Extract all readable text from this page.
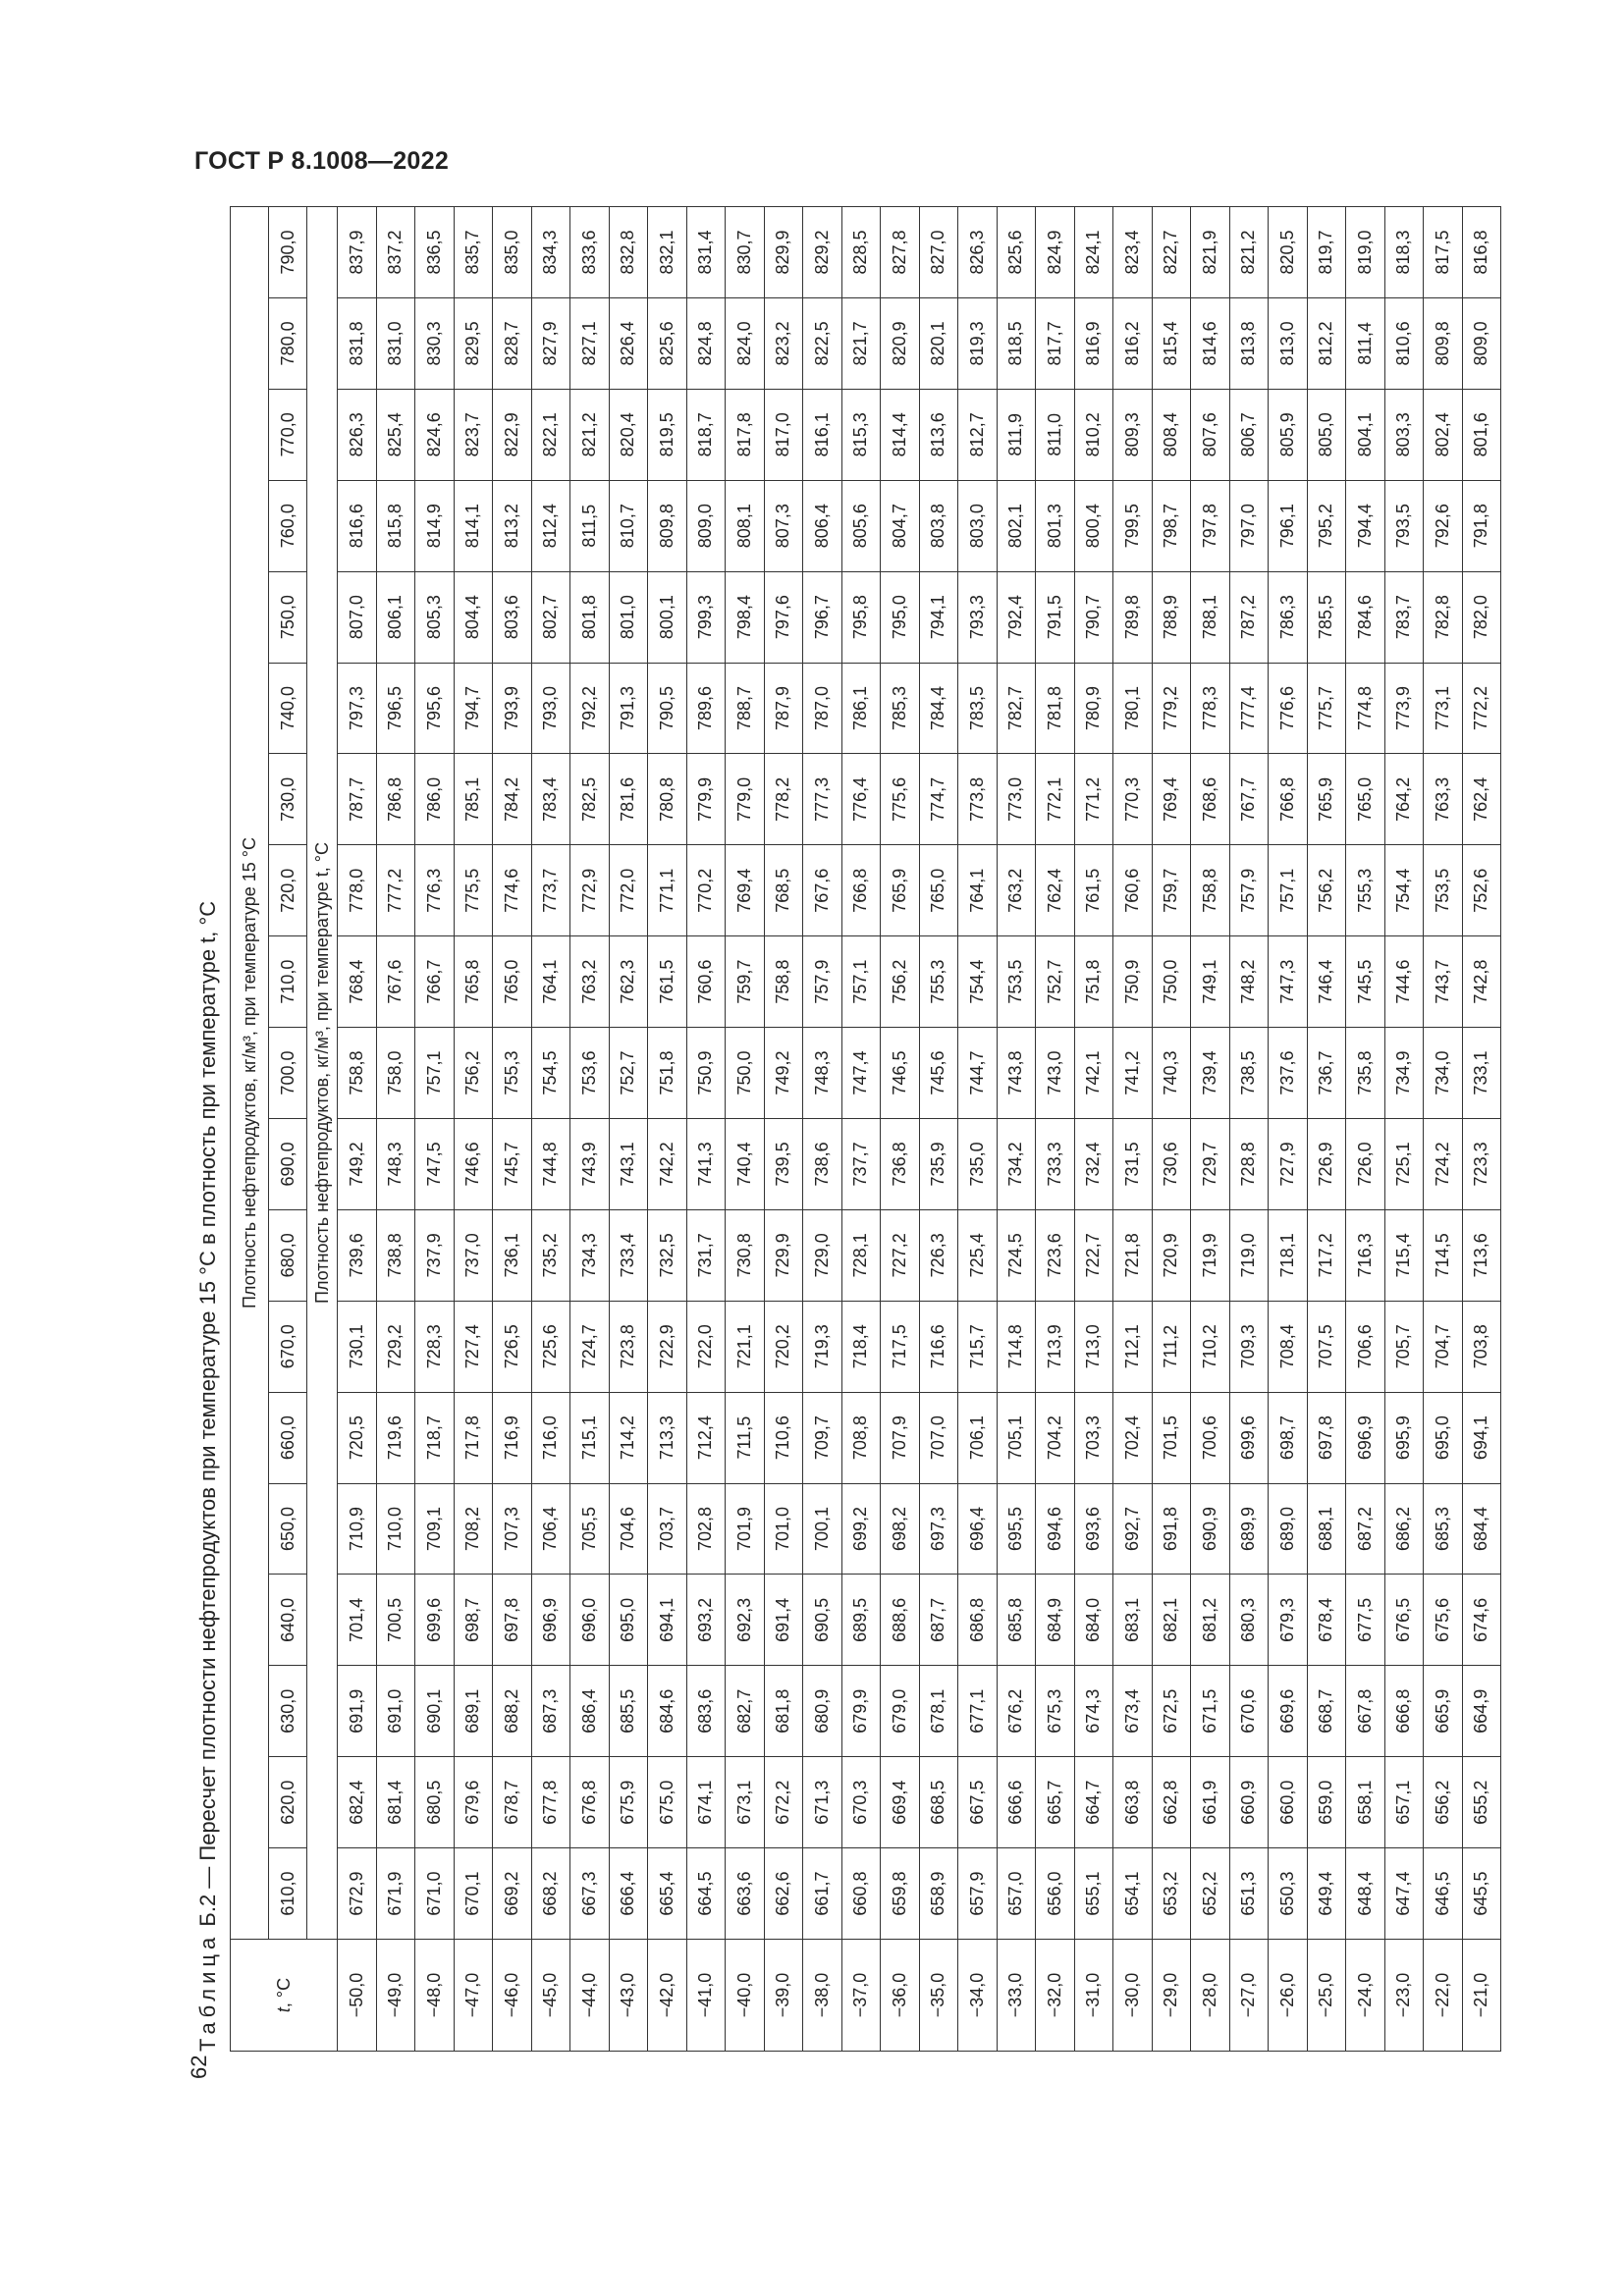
ГОСТ Р 8.1008—2022
62
Таблица Б.2 — Пересчет плотности нефтепродуктов при температуре 15 °С в плотность при температуре t, °С
t, °С	Плотность нефтепродуктов, кг/м³, при температуре 15 °С																		
	610,0	620,0	630,0	640,0	650,0	660,0	670,0	680,0	690,0	700,0	710,0	720,0	730,0	740,0	750,0	760,0	770,0	780,0	790,0
	Плотность нефтепродуктов, кг/м³, при температуре t, °С																		
−50,0	672,9	682,4	691,9	701,4	710,9	720,5	730,1	739,6	749,2	758,8	768,4	778,0	787,7	797,3	807,0	816,6	826,3	831,8	837,9
−49,0	671,9	681,4	691,0	700,5	710,0	719,6	729,2	738,8	748,3	758,0	767,6	777,2	786,8	796,5	806,1	815,8	825,4	831,0	837,2
−48,0	671,0	680,5	690,1	699,6	709,1	718,7	728,3	737,9	747,5	757,1	766,7	776,3	786,0	795,6	805,3	814,9	824,6	830,3	836,5
−47,0	670,1	679,6	689,1	698,7	708,2	717,8	727,4	737,0	746,6	756,2	765,8	775,5	785,1	794,7	804,4	814,1	823,7	829,5	835,7
−46,0	669,2	678,7	688,2	697,8	707,3	716,9	726,5	736,1	745,7	755,3	765,0	774,6	784,2	793,9	803,6	813,2	822,9	828,7	835,0
−45,0	668,2	677,8	687,3	696,9	706,4	716,0	725,6	735,2	744,8	754,5	764,1	773,7	783,4	793,0	802,7	812,4	822,1	827,9	834,3
−44,0	667,3	676,8	686,4	696,0	705,5	715,1	724,7	734,3	743,9	753,6	763,2	772,9	782,5	792,2	801,8	811,5	821,2	827,1	833,6
−43,0	666,4	675,9	685,5	695,0	704,6	714,2	723,8	733,4	743,1	752,7	762,3	772,0	781,6	791,3	801,0	810,7	820,4	826,4	832,8
−42,0	665,4	675,0	684,6	694,1	703,7	713,3	722,9	732,5	742,2	751,8	761,5	771,1	780,8	790,5	800,1	809,8	819,5	825,6	832,1
−41,0	664,5	674,1	683,6	693,2	702,8	712,4	722,0	731,7	741,3	750,9	760,6	770,2	779,9	789,6	799,3	809,0	818,7	824,8	831,4
−40,0	663,6	673,1	682,7	692,3	701,9	711,5	721,1	730,8	740,4	750,0	759,7	769,4	779,0	788,7	798,4	808,1	817,8	824,0	830,7
−39,0	662,6	672,2	681,8	691,4	701,0	710,6	720,2	729,9	739,5	749,2	758,8	768,5	778,2	787,9	797,6	807,3	817,0	823,2	829,9
−38,0	661,7	671,3	680,9	690,5	700,1	709,7	719,3	729,0	738,6	748,3	757,9	767,6	777,3	787,0	796,7	806,4	816,1	822,5	829,2
−37,0	660,8	670,3	679,9	689,5	699,2	708,8	718,4	728,1	737,7	747,4	757,1	766,8	776,4	786,1	795,8	805,6	815,3	821,7	828,5
−36,0	659,8	669,4	679,0	688,6	698,2	707,9	717,5	727,2	736,8	746,5	756,2	765,9	775,6	785,3	795,0	804,7	814,4	820,9	827,8
−35,0	658,9	668,5	678,1	687,7	697,3	707,0	716,6	726,3	735,9	745,6	755,3	765,0	774,7	784,4	794,1	803,8	813,6	820,1	827,0
−34,0	657,9	667,5	677,1	686,8	696,4	706,1	715,7	725,4	735,0	744,7	754,4	764,1	773,8	783,5	793,3	803,0	812,7	819,3	826,3
−33,0	657,0	666,6	676,2	685,8	695,5	705,1	714,8	724,5	734,2	743,8	753,5	763,2	773,0	782,7	792,4	802,1	811,9	818,5	825,6
−32,0	656,0	665,7	675,3	684,9	694,6	704,2	713,9	723,6	733,3	743,0	752,7	762,4	772,1	781,8	791,5	801,3	811,0	817,7	824,9
−31,0	655,1	664,7	674,3	684,0	693,6	703,3	713,0	722,7	732,4	742,1	751,8	761,5	771,2	780,9	790,7	800,4	810,2	816,9	824,1
−30,0	654,1	663,8	673,4	683,1	692,7	702,4	712,1	721,8	731,5	741,2	750,9	760,6	770,3	780,1	789,8	799,5	809,3	816,2	823,4
−29,0	653,2	662,8	672,5	682,1	691,8	701,5	711,2	720,9	730,6	740,3	750,0	759,7	769,4	779,2	788,9	798,7	808,4	815,4	822,7
−28,0	652,2	661,9	671,5	681,2	690,9	700,6	710,2	719,9	729,7	739,4	749,1	758,8	768,6	778,3	788,1	797,8	807,6	814,6	821,9
−27,0	651,3	660,9	670,6	680,3	689,9	699,6	709,3	719,0	728,8	738,5	748,2	757,9	767,7	777,4	787,2	797,0	806,7	813,8	821,2
−26,0	650,3	660,0	669,6	679,3	689,0	698,7	708,4	718,1	727,9	737,6	747,3	757,1	766,8	776,6	786,3	796,1	805,9	813,0	820,5
−25,0	649,4	659,0	668,7	678,4	688,1	697,8	707,5	717,2	726,9	736,7	746,4	756,2	765,9	775,7	785,5	795,2	805,0	812,2	819,7
−24,0	648,4	658,1	667,8	677,5	687,2	696,9	706,6	716,3	726,0	735,8	745,5	755,3	765,0	774,8	784,6	794,4	804,1	811,4	819,0
−23,0	647,4	657,1	666,8	676,5	686,2	695,9	705,7	715,4	725,1	734,9	744,6	754,4	764,2	773,9	783,7	793,5	803,3	810,6	818,3
−22,0	646,5	656,2	665,9	675,6	685,3	695,0	704,7	714,5	724,2	734,0	743,7	753,5	763,3	773,1	782,8	792,6	802,4	809,8	817,5
−21,0	645,5	655,2	664,9	674,6	684,4	694,1	703,8	713,6	723,3	733,1	742,8	752,6	762,4	772,2	782,0	791,8	801,6	809,0	816,8
